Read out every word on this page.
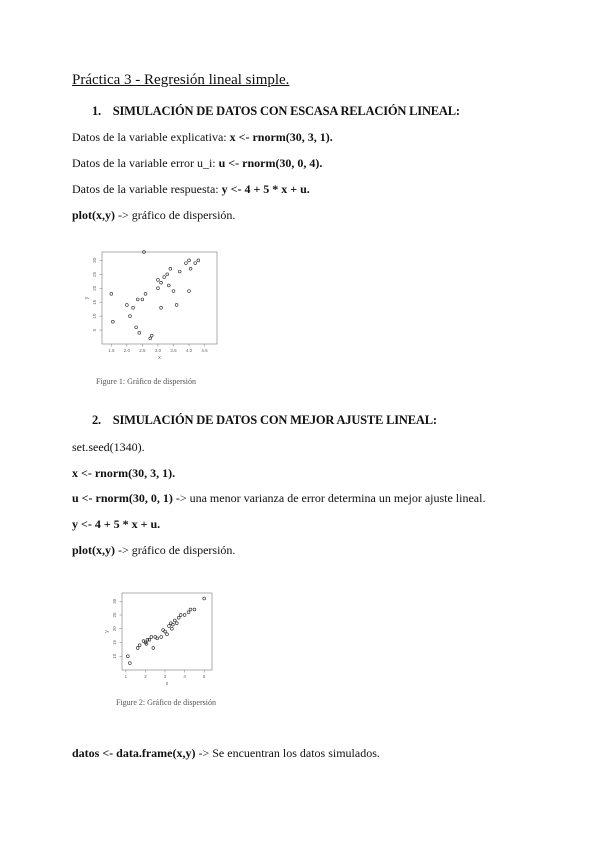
Práctica 3 - Regresión lineal simple.
1. SIMULACIÓN DE DATOS CON ESCASA RELACIÓN LINEAL:
Datos de la variable explicativa: x <- rnorm(30, 3, 1).
Datos de la variable error u_i: u <- rnorm(30, 0, 4).
Datos de la variable respuesta: y <- 4 + 5 * x + u.
plot(x,y) -> gráfico de dispersión.
1.5 2.0 2.5 3.0 3.5 4.0 4.5
5
10
15
20
25
30
x
y
Figure 1: Gráfico de dispersión
2. SIMULACIÓN DE DATOS CON MEJOR AJUSTE LINEAL:
set.seed(1340).
x <- rnorm(30, 3, 1).
u <- rnorm(30, 0, 1) -> una menor varianza de error determina un mejor ajuste lineal.
y <- 4 + 5 * x + u.
plot(x,y) -> gráfico de dispersión.
1	2	3	4	5
10
15
20
25
30
x
y
Figure 2: Gráfico de dispersión
datos <- data.frame(x,y) -> Se encuentran los datos simulados.
